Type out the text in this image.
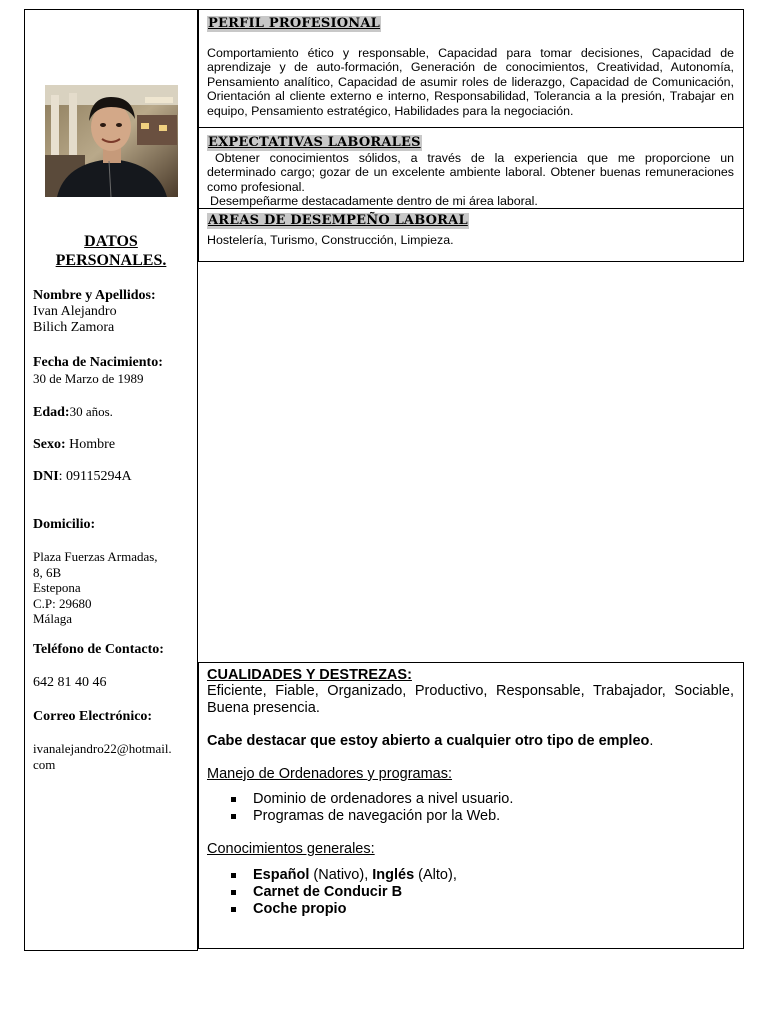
DATOS
PERSONALES.
Nombre y Apellidos:
Ivan Alejandro
Bilich Zamora
Fecha de Nacimiento:
30 de Marzo de 1989
Edad:30 años.
Sexo: Hombre
DNI: 09115294A
Domicilio:
Plaza Fuerzas Armadas,
8, 6B
Estepona
C.P: 29680
Málaga
Teléfono de Contacto:
642 81 40 46
Correo Electrónico:
ivanalejandro22@hotmail.
com
PERFIL PROFESIONAL
Comportamiento ético y responsable, Capacidad para tomar decisiones, Capacidad de aprendizaje y de auto-formación, Generación de conocimientos, Creatividad, Autonomía, Pensamiento analítico, Capacidad de asumir roles de liderazgo, Capacidad de Comunicación, Orientación al cliente externo e interno, Responsabilidad, Tolerancia a la presión, Trabajar en equipo, Pensamiento estratégico, Habilidades para la negociación.
EXPECTATIVAS LABORALES
Obtener conocimientos sólidos, a través de la experiencia que me proporcione un determinado cargo; gozar de un excelente ambiente laboral. Obtener buenas remuneraciones como profesional.
Desempeñarme destacadamente dentro de mi área laboral.
AREAS DE DESEMPEÑO LABORAL
Hostelería, Turismo, Construcción, Limpieza.
CUALIDADES Y DESTREZAS:
Eficiente, Fiable, Organizado, Productivo, Responsable, Trabajador, Sociable, Buena presencia.
Cabe destacar que estoy abierto a cualquier otro tipo de empleo.
Manejo de Ordenadores y programas:
Dominio de ordenadores a nivel usuario.
Programas de navegación por la Web.
Conocimientos generales:
Español (Nativo), Inglés (Alto),
Carnet de Conducir B
Coche propio
